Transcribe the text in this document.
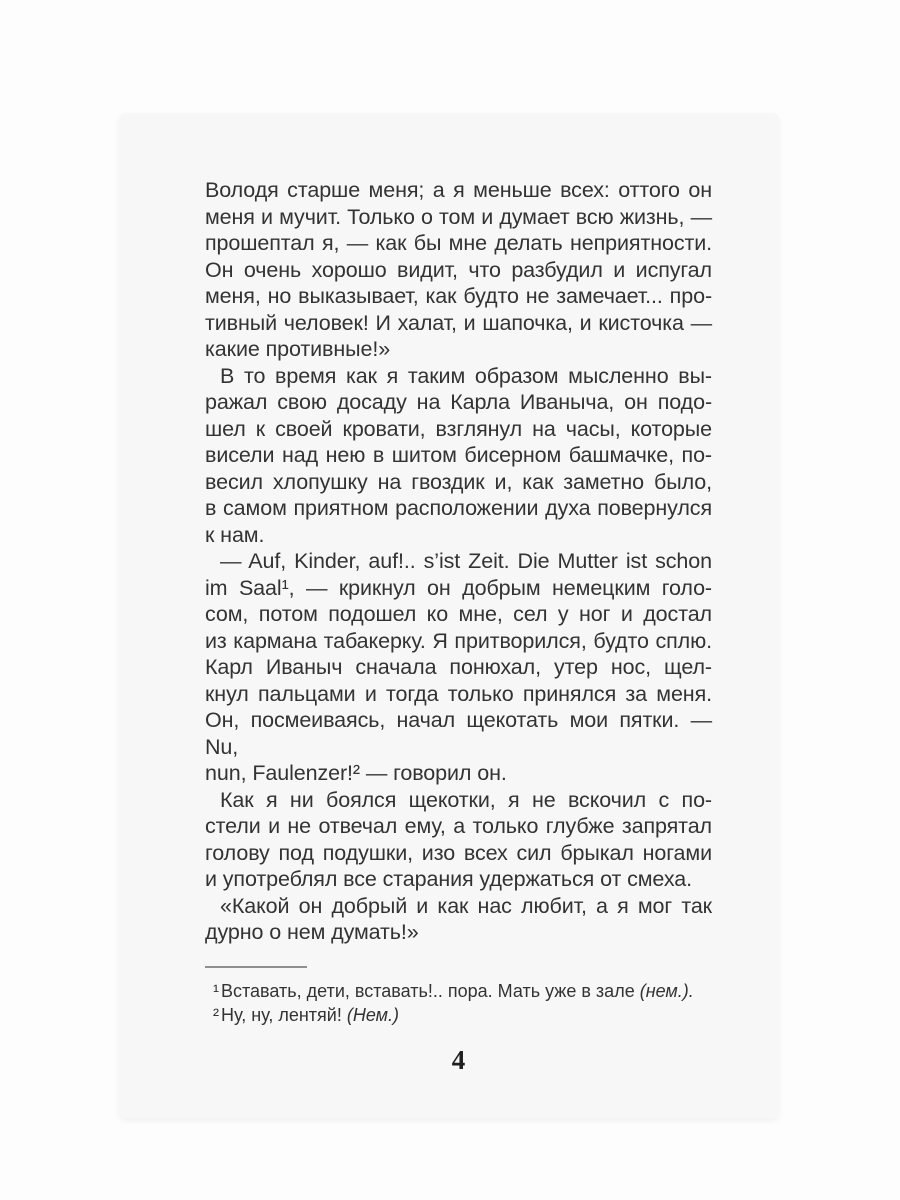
Володя старше меня; а я меньше всех: оттого он
меня и мучит. Только о том и думает всю жизнь, —
прошептал я, — как бы мне делать неприятности.
Он очень хорошо видит, что разбудил и испугал
меня, но выказывает, как будто не замечает... про-
тивный человек! И халат, и шапочка, и кисточка —
какие противные!»
В то время как я таким образом мысленно вы-
ражал свою досаду на Карла Иваныча, он подо-
шел к своей кровати, взглянул на часы, которые
висели над нею в шитом бисерном башмачке, по-
весил хлопушку на гвоздик и, как заметно было,
в самом приятном расположении духа повернулся
к нам.
— Auf, Kinder, auf!.. s’ist Zeit. Die Mutter ist schon
im Saal¹, — крикнул он добрым немецким голо-
сом, потом подошел ко мне, сел у ног и достал
из кармана табакерку. Я притворился, будто сплю.
Карл Иваныч сначала понюхал, утер нос, щел-
кнул пальцами и тогда только принялся за меня.
Он, посмеиваясь, начал щекотать мои пятки. — Nu,
nun, Faulenzer!² — говорил он.
Как я ни боялся щекотки, я не вскочил с по-
стели и не отвечал ему, а только глубже запрятал
голову под подушки, изо всех сил брыкал ногами
и употреблял все старания удержаться от смеха.
«Какой он добрый и как нас любит, а я мог так
дурно о нем думать!»
¹ Вставать, дети, вставать!.. пора. Мать уже в зале (нем.).
² Ну, ну, лентяй! (Нем.)
4
